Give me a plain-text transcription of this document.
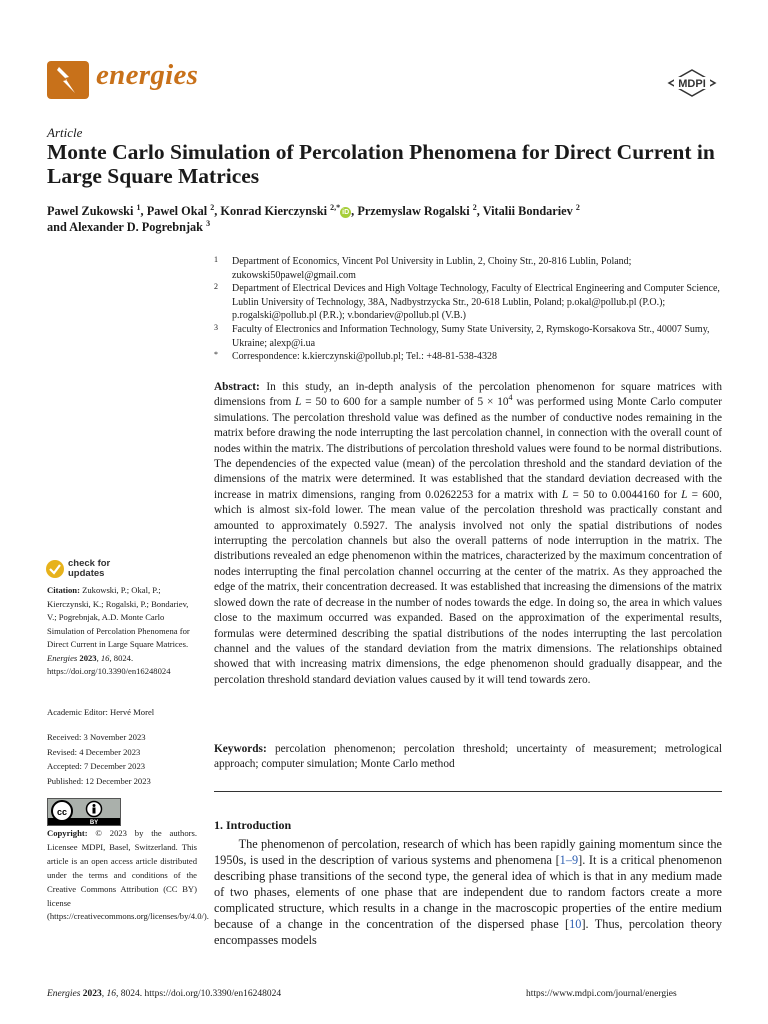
energies	MDPI
Article
Monte Carlo Simulation of Percolation Phenomena for Direct Current in Large Square Matrices
Pawel Zukowski $^1$, Pawel Okal $^2$, Konrad Kierczynski $^{2,*}$iD , Przemyslaw Rogalski $^2$, Vitalii Bondariev $^2$
and Alexander D. Pogrebnjak $^3$
1 Department of Economics, Vincent Pol University in Lublin, 2, Choiny Str., 20-816 Lublin, Poland; zukowski50pawel@gmail.com
2 Department of Electrical Devices and High Voltage Technology, Faculty of Electrical Engineering and Computer Science, Lublin University of Technology, 38A, Nadbystrzycka Str., 20-618 Lublin, Poland; p.okal@pollub.pl (P.O.); p.rogalski@pollub.pl (P.R.); v.bondariev@pollub.pl (V.B.)
3 Faculty of Electronics and Information Technology, Sumy State University, 2, Rymskogo-Korsakova Str., 40007 Sumy, Ukraine; alexp@i.ua
* Correspondence: k.kierczynski@pollub.pl; Tel.: +48-81-538-4328
Abstract: In this study, an in-depth analysis of the percolation phenomenon for square matrices with dimensions from L = 50 to 600 for a sample number of $5 \times 10^4$ was performed using Monte Carlo computer simulations. The percolation threshold value was defined as the number of conductive nodes remaining in the matrix before drawing the node interrupting the last percolation channel, in connection with the overall count of nodes within the matrix. The distributions of percolation threshold values were found to be normal distributions. The dependencies of the expected value (mean) of the percolation threshold and the standard deviation of the dimensions of the matrix were determined. It was established that the standard deviation decreased with the increase in matrix dimensions, ranging from 0.0262253 for a matrix with L = 50 to 0.0044160 for L = 600, which is almost six-fold lower. The mean value of the percolation threshold was practically constant and amounted to approximately 0.5927. The analysis involved not only the spatial distributions of nodes interrupting the percolation channels but also the overall patterns of node interruption in the matrix. The distributions revealed an edge phenomenon within the matrices, characterized by the maximum concentration of nodes interrupting the final percolation channel occurring at the center of the matrix. As they approached the edge of the matrix, their concentration decreased. It was established that increasing the dimensions of the matrix slowed down the rate of decrease in the number of nodes towards the edge. In doing so, the area in which values close to the maximum occurred was expanded. Based on the approximation of the experimental results, formulas were determined describing the spatial distributions of the nodes interrupting the last percolation channel and the values of the standard deviation from the matrix dimensions. The relationships obtained showed that with increasing matrix dimensions, the edge phenomenon should gradually disappear, and the percolation threshold standard deviation values caused by it will tend towards zero.
Keywords: percolation phenomenon; percolation threshold; uncertainty of measurement; metrological approach; computer simulation; Monte Carlo method
1. Introduction
  The phenomenon of percolation, research of which has been rapidly gaining momentum since the 1950s, is used in the description of various systems and phenomena [1–9]. It is a critical phenomenon describing phase transitions of the second type, the general idea of which is that in any medium made of two phases, elements of one phase that are independent due to random factors create a more complicated structure, which results in a change in the macroscopic properties of the entire medium because of a change in the concentration of the dispersed phase [10]. Thus, percolation theory encompasses models
check for
updates
Citation: Zukowski, P.; Okal, P.; Kierczynski, K.; Rogalski, P.; Bondariev, V.; Pogrebnjak, A.D. Monte Carlo Simulation of Percolation Phenomena for Direct Current in Large Square Matrices. Energies 2023, 16, 8024. https://doi.org/10.3390/en16248024
Academic Editor: Hervé Morel
Received: 3 November 2023
Revised: 4 December 2023
Accepted: 7 December 2023
Published: 12 December 2023
cc
BY
Copyright: © 2023 by the authors. Licensee MDPI, Basel, Switzerland. This article is an open access article distributed under the terms and conditions of the Creative Commons Attribution (CC BY) license (https://creativecommons.org/licenses/by/4.0/).
Energies 2023, 16, 8024. https://doi.org/10.3390/en16248024	https://www.mdpi.com/journal/energies
